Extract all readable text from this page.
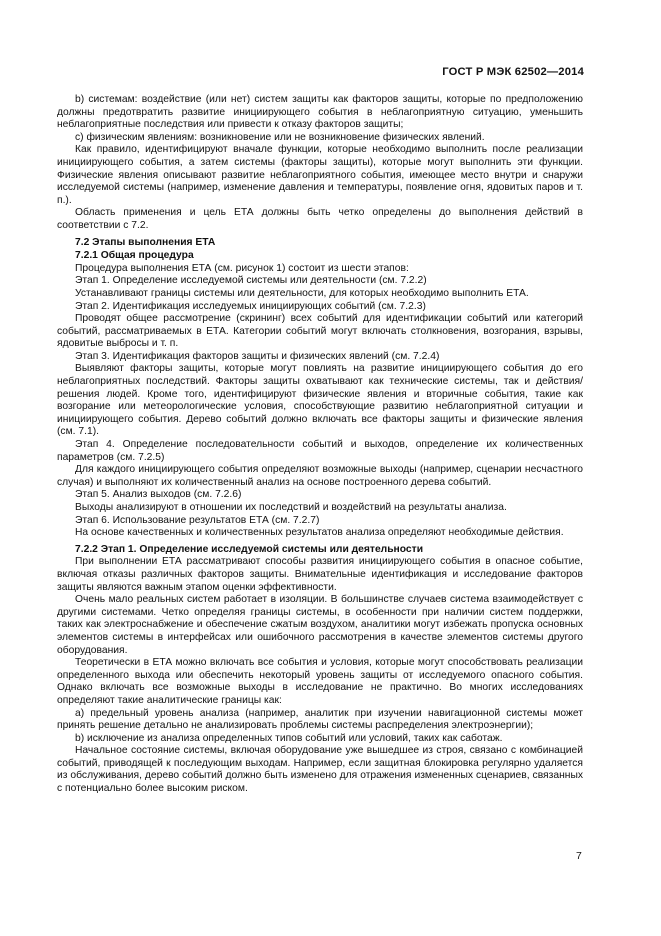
ГОСТ Р МЭК 62502—2014

b) системам: воздействие (или нет) систем защиты как факторов защиты, которые по предположению должны предотвратить развитие инициирующего события в неблагоприятную ситуацию, уменьшить неблагоприятные последствия или привести к отказу факторов защиты;

c) физическим явлениям: возникновение или не возникновение физических явлений.

Как правило, идентифицируют вначале функции, которые необходимо выполнить после реализации инициирующего события, а затем системы (факторы защиты), которые могут выполнить эти функции. Физические явления описывают развитие неблагоприятного события, имеющее место внутри и снаружи исследуемой системы (например, изменение давления и температуры, появление огня, ядовитых паров и т. п.).

Область применения и цель ЕТА должны быть четко определены до выполнения действий в соответствии с 7.2.

7.2 Этапы выполнения ЕТА

7.2.1 Общая процедура

Процедура выполнения ЕТА (см. рисунок 1) состоит из шести этапов:

Этап 1. Определение исследуемой системы или деятельности (см. 7.2.2)

Устанавливают границы системы или деятельности, для которых необходимо выполнить ЕТА.

Этап 2. Идентификация исследуемых инициирующих событий (см. 7.2.3)

Проводят общее рассмотрение (скрининг) всех событий для идентификации событий или категорий событий, рассматриваемых в ЕТА. Категории событий могут включать столкновения, возгорания, взрывы, ядовитые выбросы и т. п.

Этап 3. Идентификация факторов защиты и физических явлений (см. 7.2.4)

Выявляют факторы защиты, которые могут повлиять на развитие инициирующего события до его неблагоприятных последствий. Факторы защиты охватывают как технические системы, так и действия/решения людей. Кроме того, идентифицируют физические явления и вторичные события, такие как возгорание или метеорологические условия, способствующие развитию неблагоприятной ситуации и инициирующего события. Дерево событий должно включать все факторы защиты и физические явления (см. 7.1).

Этап 4. Определение последовательности событий и выходов, определение их количественных параметров (см. 7.2.5)

Для каждого инициирующего события определяют возможные выходы (например, сценарии несчастного случая) и выполняют их количественный анализ на основе построенного дерева событий.

Этап 5. Анализ выходов (см. 7.2.6)

Выходы анализируют в отношении их последствий и воздействий на результаты анализа.

Этап 6. Использование результатов ЕТА (см. 7.2.7)

На основе качественных и количественных результатов анализа определяют необходимые действия.

7.2.2 Этап 1. Определение исследуемой системы или деятельности

При выполнении ЕТА рассматривают способы развития инициирующего события в опасное событие, включая отказы различных факторов защиты. Внимательные идентификация и исследование факторов защиты являются важным этапом оценки эффективности.

Очень мало реальных систем работает в изоляции. В большинстве случаев система взаимодействует с другими системами. Четко определяя границы системы, в особенности при наличии систем поддержки, таких как электроснабжение и обеспечение сжатым воздухом, аналитики могут избежать пропуска основных элементов системы в интерфейсах или ошибочного рассмотрения в качестве элементов системы другого оборудования.

Теоретически в ЕТА можно включать все события и условия, которые могут способствовать реализации определенного выхода или обеспечить некоторый уровень защиты от исследуемого опасного события. Однако включать все возможные выходы в исследование не практично. Во многих исследованиях определяют такие аналитические границы как:

a) предельный уровень анализа (например, аналитик при изучении навигационной системы может принять решение детально не анализировать проблемы системы распределения электроэнергии);

b) исключение из анализа определенных типов событий или условий, таких как саботаж.

Начальное состояние системы, включая оборудование уже вышедшее из строя, связано с комбинацией событий, приводящей к последующим выходам. Например, если защитная блокировка регулярно удаляется из обслуживания, дерево событий должно быть изменено для отражения измененных сценариев, связанных с потенциально более высоким риском.

7
